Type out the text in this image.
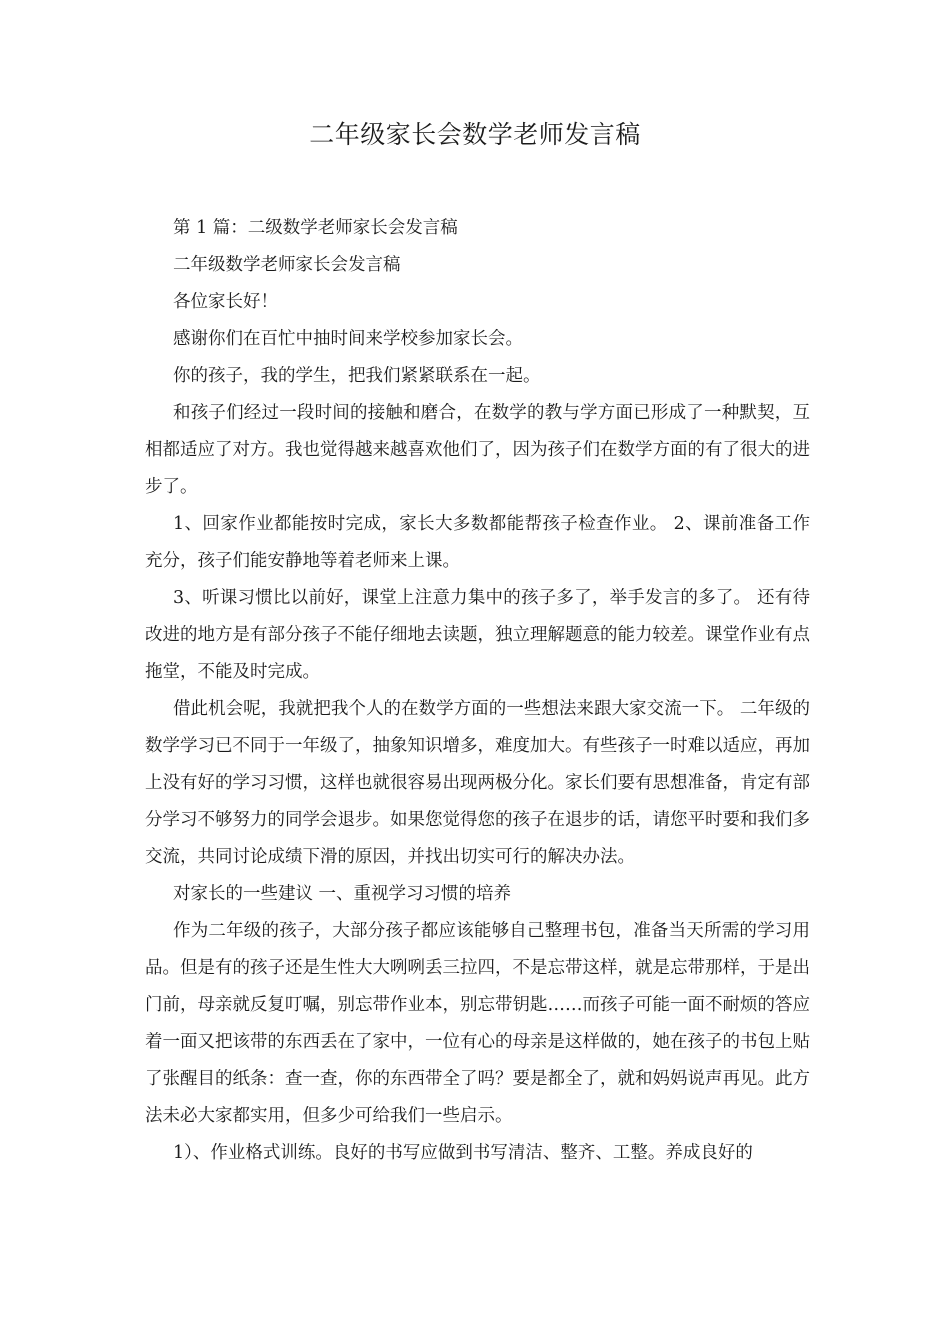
二年级家长会数学老师发言稿

第 1 篇：二级数学老师家长会发言稿

二年级数学老师家长会发言稿

各位家长好！

感谢你们在百忙中抽时间来学校参加家长会。

你的孩子，我的学生，把我们紧紧联系在一起。

和孩子们经过一段时间的接触和磨合，在数学的教与学方面已形成了一种默契，互相都适应了对方。我也觉得越来越喜欢他们了，因为孩子们在数学方面的有了很大的进步了。

1、回家作业都能按时完成，家长大多数都能帮孩子检查作业。 2、课前准备工作充分，孩子们能安静地等着老师来上课。

3、听课习惯比以前好，课堂上注意力集中的孩子多了，举手发言的多了。 还有待改进的地方是有部分孩子不能仔细地去读题，独立理解题意的能力较差。课堂作业有点拖堂，不能及时完成。

借此机会呢，我就把我个人的在数学方面的一些想法来跟大家交流一下。 二年级的数学学习已不同于一年级了，抽象知识增多，难度加大。有些孩子一时难以适应，再加上没有好的学习习惯，这样也就很容易出现两极分化。家长们要有思想准备，肯定有部分学习不够努力的同学会退步。如果您觉得您的孩子在退步的话，请您平时要和我们多交流，共同讨论成绩下滑的原因，并找出切实可行的解决办法。

对家长的一些建议 一、重视学习习惯的培养

作为二年级的孩子，大部分孩子都应该能够自己整理书包，准备当天所需的学习用品。但是有的孩子还是生性大大咧咧丢三拉四，不是忘带这样，就是忘带那样，于是出门前，母亲就反复叮嘱，别忘带作业本，别忘带钥匙……而孩子可能一面不耐烦的答应着一面又把该带的东西丢在了家中，一位有心的母亲是这样做的，她在孩子的书包上贴了张醒目的纸条：查一查，你的东西带全了吗？要是都全了，就和妈妈说声再见。此方法未必大家都实用，但多少可给我们一些启示。

1）、作业格式训练。良好的书写应做到书写清洁、整齐、工整。养成良好的
